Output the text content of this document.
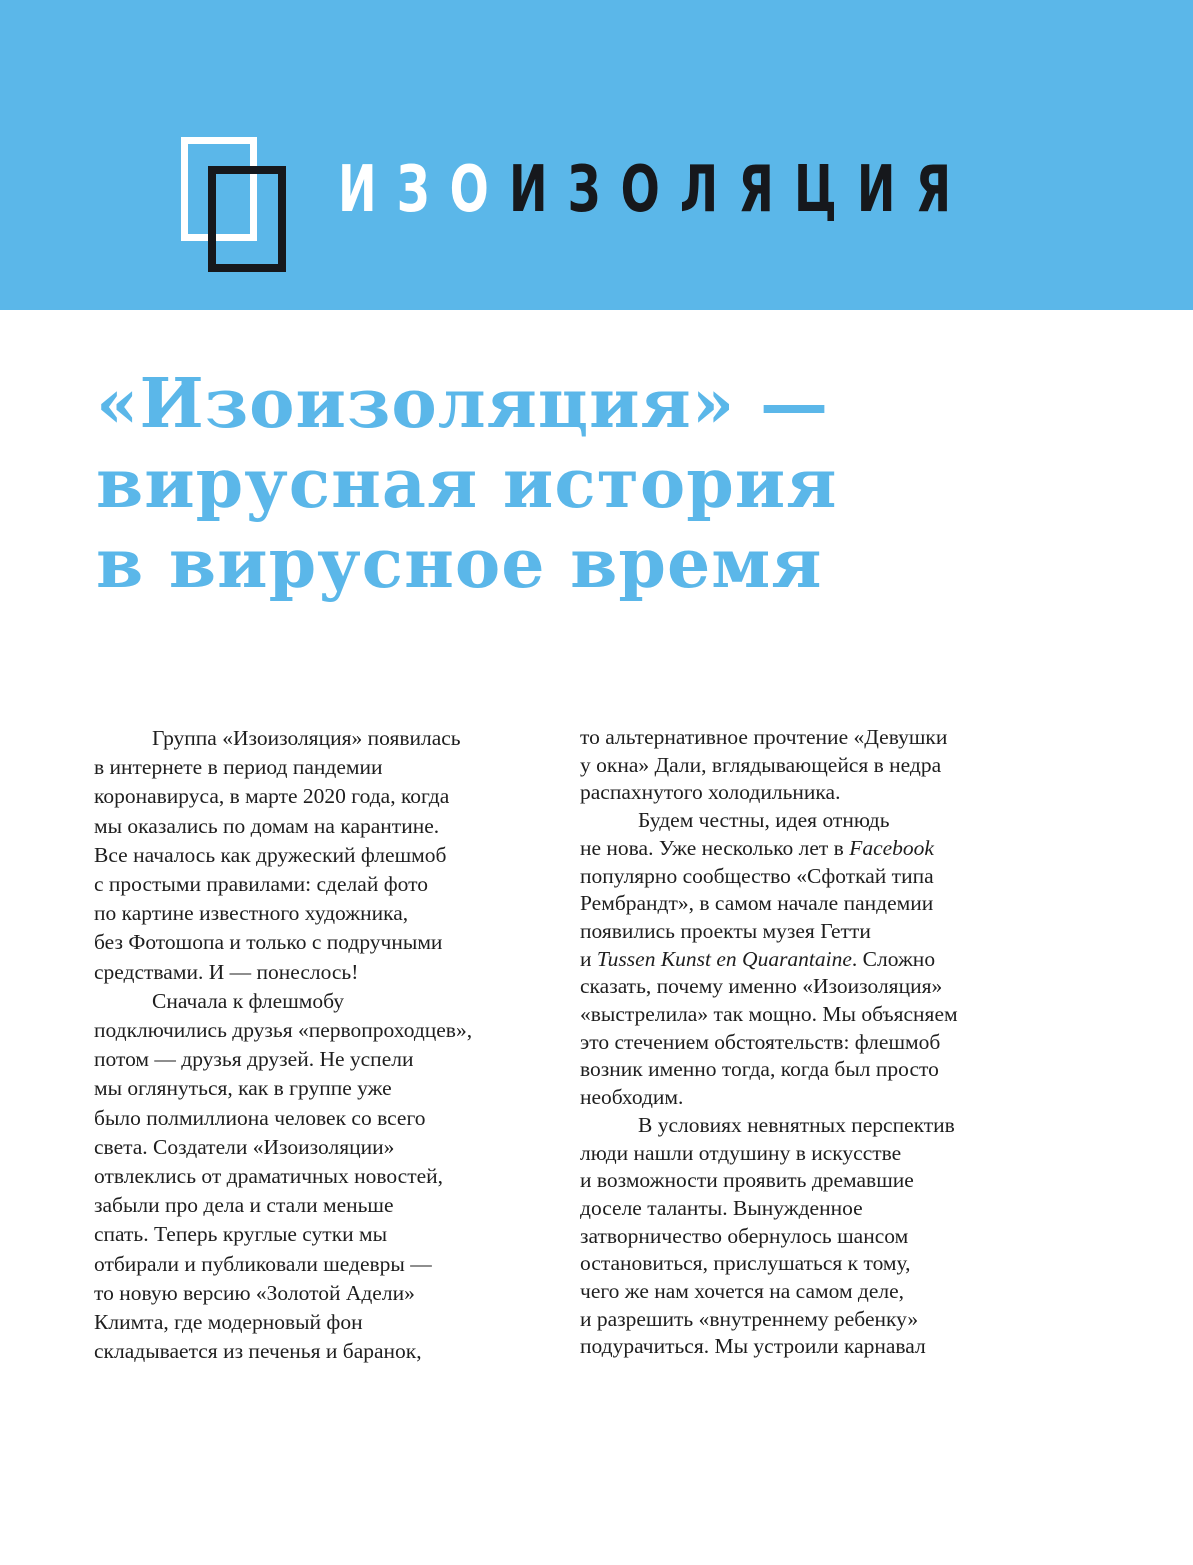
ИЗОИЗОЛЯЦИЯ
«Изоизоляция» —
вирусная история
в вирусное время
Группа «Изоизоляция» появилась
в интернете в период пандемии
коронавируса, в марте 2020 года, когда
мы оказались по домам на карантине.
Все началось как дружеский флешмоб
с простыми правилами: сделай фото
по картине известного художника,
без Фотошопа и только с подручными
средствами. И — понеслось!
Сначала к флешмобу
подключились друзья «первопроходцев»,
потом — друзья друзей. Не успели
мы оглянуться, как в группе уже
было полмиллиона человек со всего
света. Создатели «Изоизоляции»
отвлеклись от драматичных новостей,
забыли про дела и стали меньше
спать. Теперь круглые сутки мы
отбирали и публиковали шедевры —
то новую версию «Золотой Адели»
Климта, где модерновый фон
складывается из печенья и баранок,
то альтернативное прочтение «Девушки
у окна» Дали, вглядывающейся в недра
распахнутого холодильника.
Будем честны, идея отнюдь
не нова. Уже несколько лет в Facebook
популярно сообщество «Сфоткай типа
Рембрандт», в самом начале пандемии
появились проекты музея Гетти
и Tussen Kunst en Quarantaine. Сложно
сказать, почему именно «Изоизоляция»
«выстрелила» так мощно. Мы объясняем
это стечением обстоятельств: флешмоб
возник именно тогда, когда был просто
необходим.
В условиях невнятных перспектив
люди нашли отдушину в искусстве
и возможности проявить дремавшие
доселе таланты. Вынужденное
затворничество обернулось шансом
остановиться, прислушаться к тому,
чего же нам хочется на самом деле,
и разрешить «внутреннему ребенку»
подурачиться. Мы устроили карнавал
